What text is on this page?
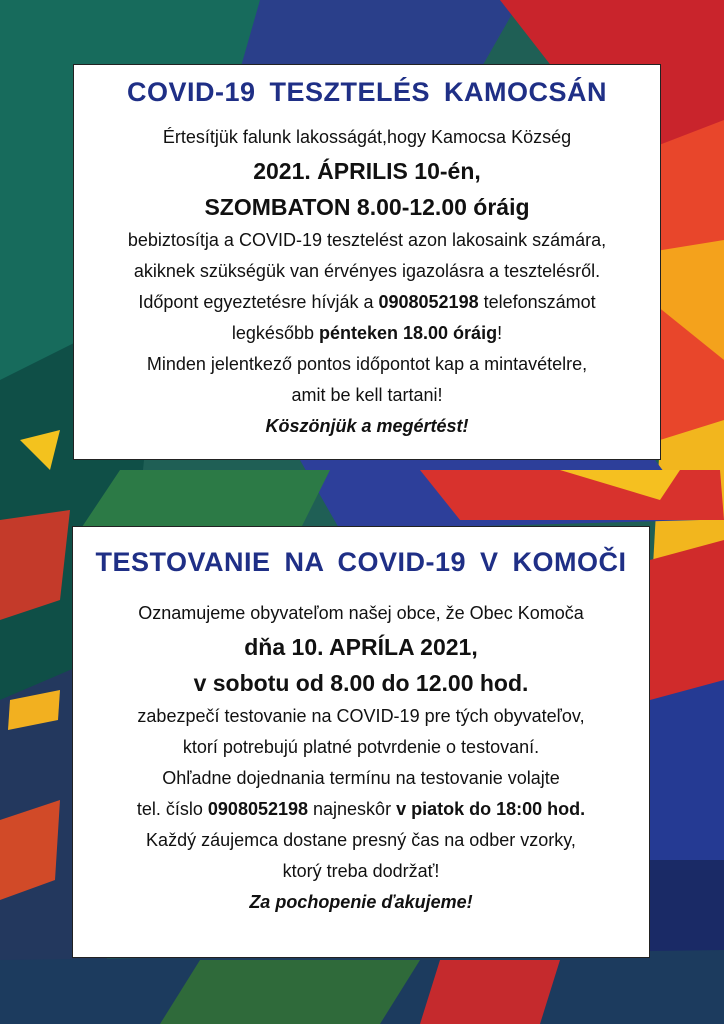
COVID-19 TESZTELÉS KAMOCSÁN

Értesítjük falunk lakosságát,hogy Kamocsa Község

2021. ÁPRILIS 10-én,

SZOMBATON 8.00-12.00 óráig

bebiztosítja a COVID-19 tesztelést azon lakosaink számára,

akiknek szükségük van érvényes igazolásra a tesztelésről.

Időpont egyeztetésre hívják a 0908052198 telefonszámot

legkésőbb pénteken 18.00 óráig!

Minden jelentkező pontos időpontot kap a mintavételre,

amit be kell tartani!

Köszönjük a megértést!

TESTOVANIE NA COVID-19 V KOMOČI

Oznamujeme obyvateľom našej obce, že Obec Komoča

dňa 10. APRÍLA 2021,

v sobotu od 8.00 do 12.00 hod.

zabezpečí testovanie na COVID-19 pre tých obyvateľov,

ktorí potrebujú platné potvrdenie o testovaní.

Ohľadne dojednania termínu na testovanie volajte

tel. číslo 0908052198 najneskôr v piatok do 18:00 hod.

Každý záujemca dostane presný čas na odber vzorky,

ktorý treba dodržať!

Za pochopenie ďakujeme!
